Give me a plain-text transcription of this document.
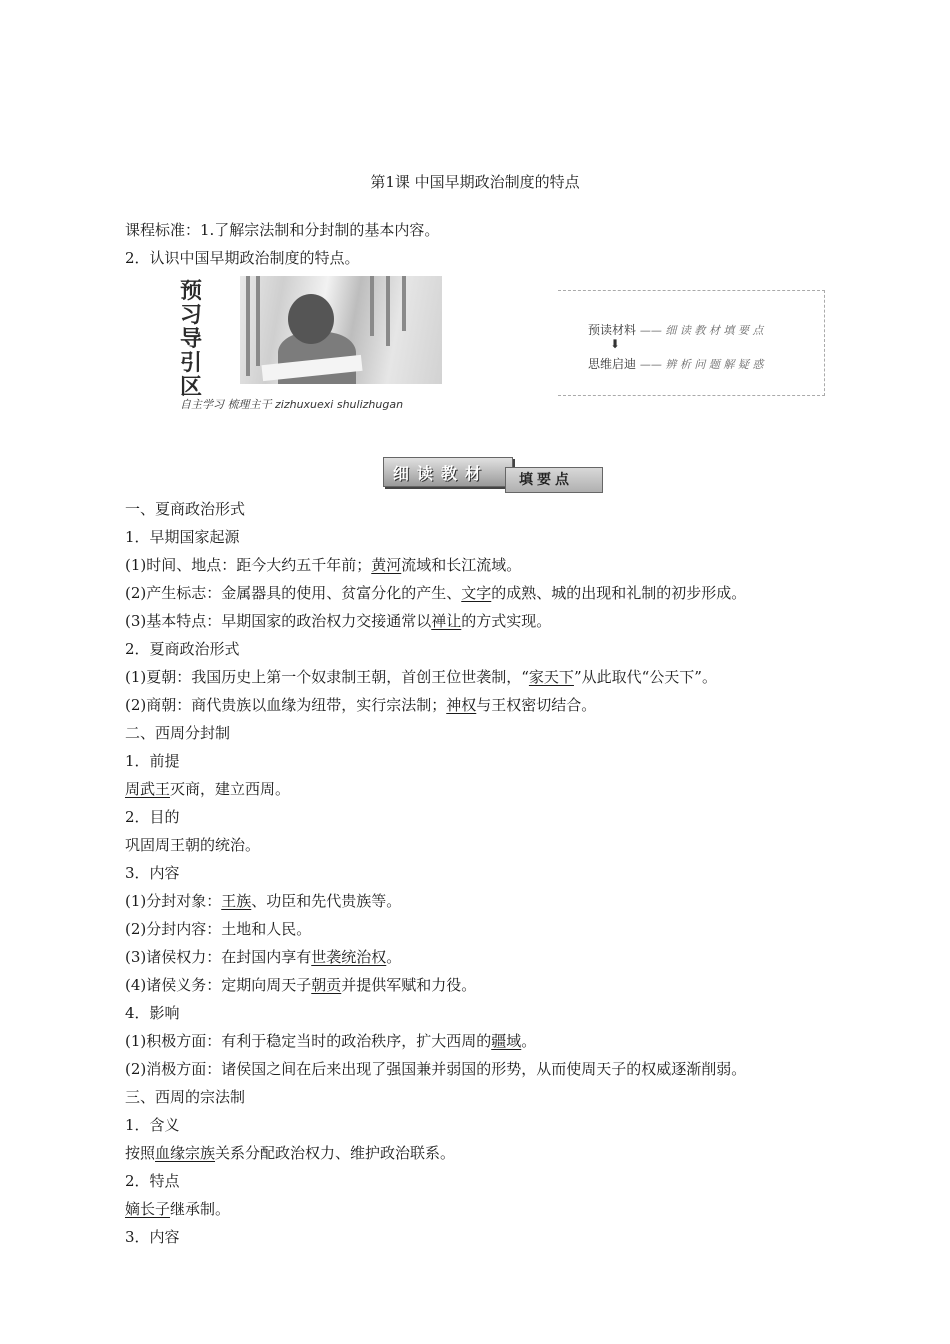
第1课 中国早期政治制度的特点
课程标准：1.了解宗法制和分封制的基本内容。
2．认识中国早期政治制度的特点。
预
习
导
引
区
自主学习 梳理主干 zizhuxuexi shulizhugan
预读材料 —— 细 读 教 材 填 要 点
⬇
思维启迪 —— 辨 析 问 题 解 疑 惑
细读教材 填要点
一、夏商政治形式
1．早期国家起源
(1)时间、地点：距今大约五千年前；黄河流域和长江流域。
(2)产生标志：金属器具的使用、贫富分化的产生、文字的成熟、城的出现和礼制的初步形成。
(3)基本特点：早期国家的政治权力交接通常以禅让的方式实现。
2．夏商政治形式
(1)夏朝：我国历史上第一个奴隶制王朝，首创王位世袭制，“家天下”从此取代“公天下”。
(2)商朝：商代贵族以血缘为纽带，实行宗法制；神权与王权密切结合。
二、西周分封制
1．前提
周武王灭商，建立西周。
2．目的
巩固周王朝的统治。
3．内容
(1)分封对象：王族、功臣和先代贵族等。
(2)分封内容：土地和人民。
(3)诸侯权力：在封国内享有世袭统治权。
(4)诸侯义务：定期向周天子朝贡并提供军赋和力役。
4．影响
(1)积极方面：有利于稳定当时的政治秩序，扩大西周的疆域。
(2)消极方面：诸侯国之间在后来出现了强国兼并弱国的形势，从而使周天子的权威逐渐削弱。
三、西周的宗法制
1．含义
按照血缘宗族关系分配政治权力、维护政治联系。
2．特点
嫡长子继承制。
3．内容
